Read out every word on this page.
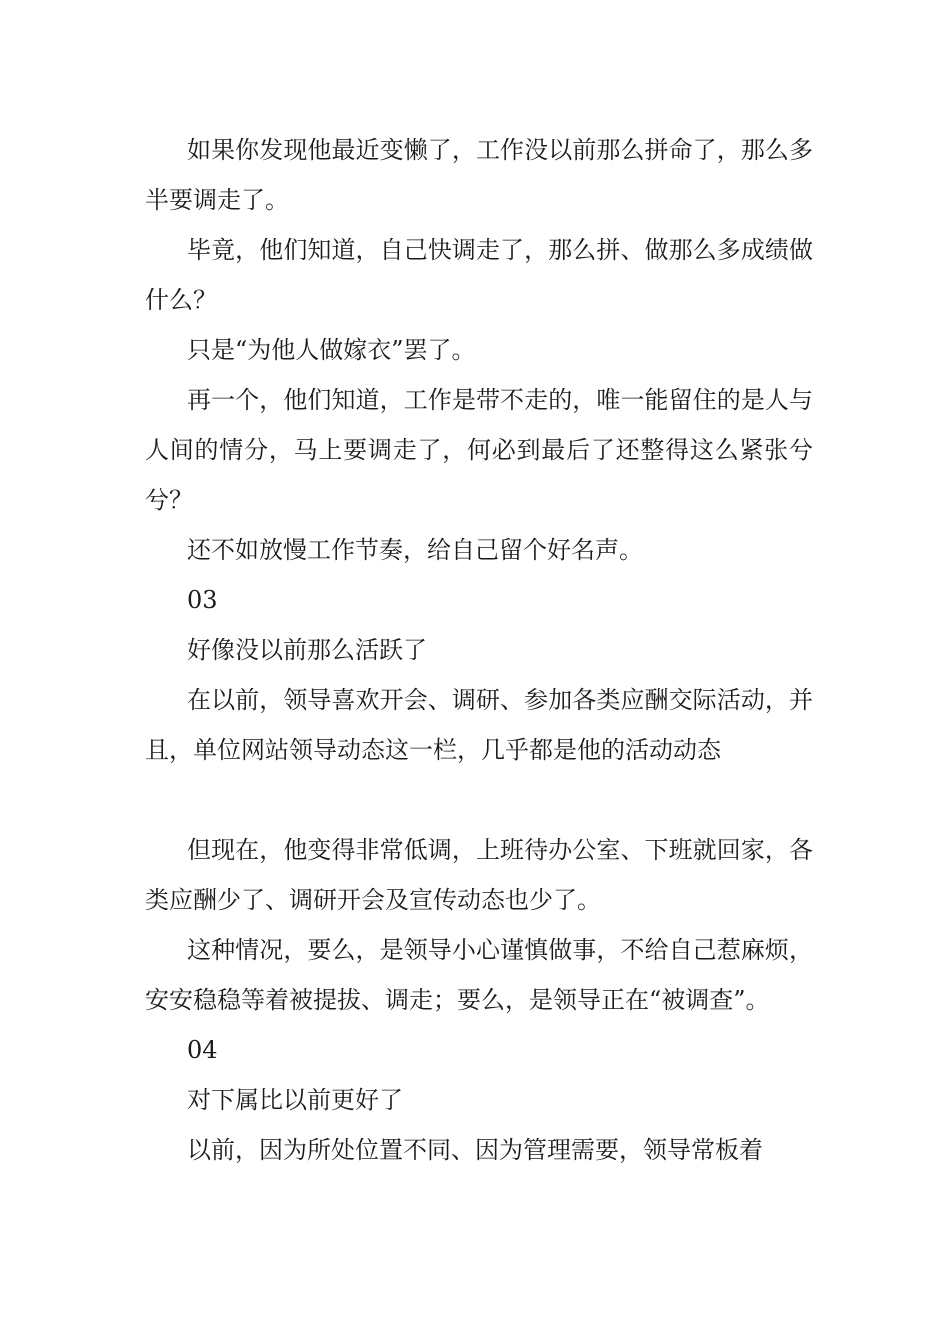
如果你发现他最近变懒了，工作没以前那么拼命了，那么多半要调走了。

毕竟，他们知道，自己快调走了，那么拼、做那么多成绩做什么？

只是“为他人做嫁衣”罢了。

再一个，他们知道，工作是带不走的，唯一能留住的是人与人间的情分，马上要调走了，何必到最后了还整得这么紧张兮兮？

还不如放慢工作节奏，给自己留个好名声。

03

好像没以前那么活跃了

在以前，领导喜欢开会、调研、参加各类应酬交际活动，并且，单位网站领导动态这一栏，几乎都是他的活动动态

但现在，他变得非常低调，上班待办公室、下班就回家，各类应酬少了、调研开会及宣传动态也少了。

这种情况，要么，是领导小心谨慎做事，不给自己惹麻烦，安安稳稳等着被提拔、调走；要么，是领导正在“被调查”。

04

对下属比以前更好了

以前，因为所处位置不同、因为管理需要，领导常板着
